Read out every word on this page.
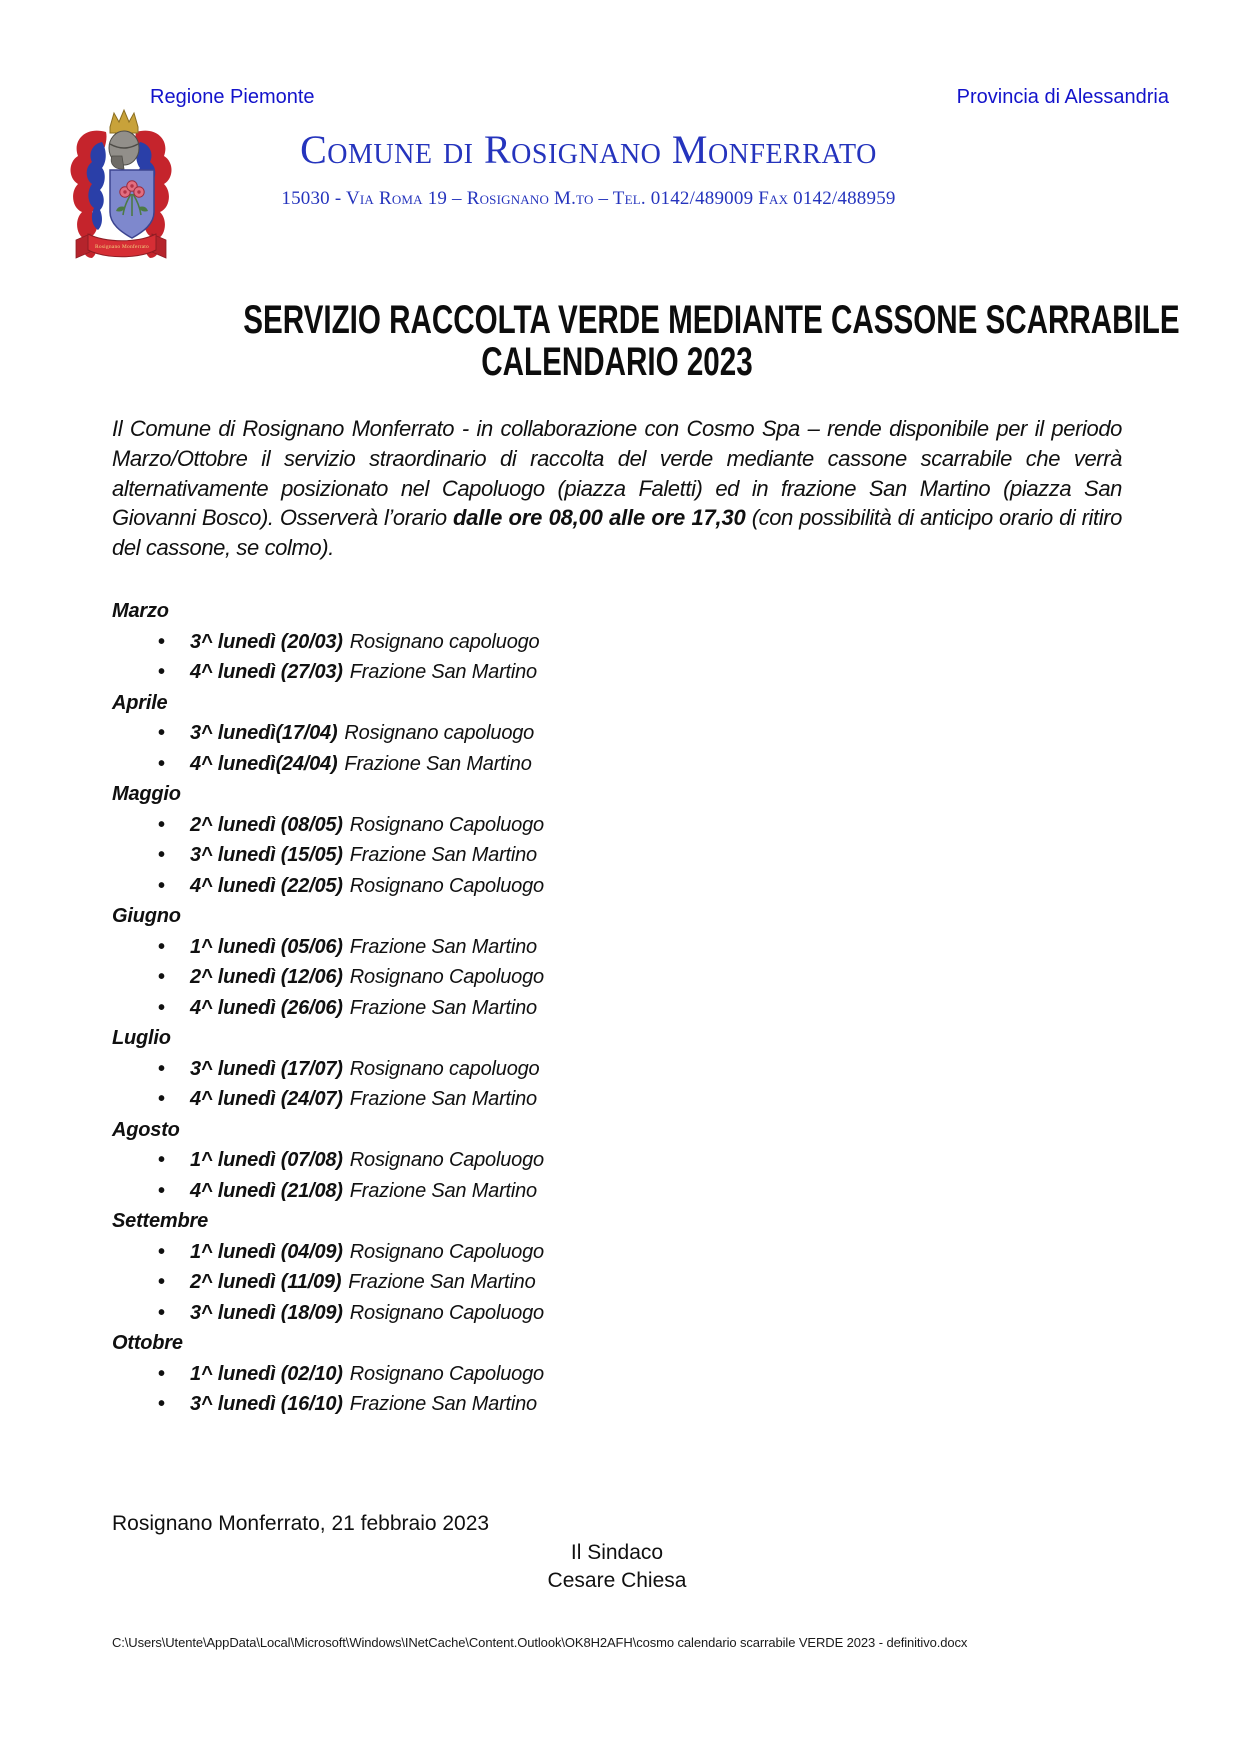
Regione Piemonte	Provincia di Alessandria
Rosignano Monferrato
Comune di Rosignano Monferrato
15030 - Via Roma 19 – Rosignano M.to – Tel. 0142/489009 Fax 0142/488959
SERVIZIO RACCOLTA VERDE MEDIANTE CASSONE SCARRABILE
CALENDARIO 2023

Il Comune di Rosignano Monferrato - in collaborazione con Cosmo Spa – rende disponibile per il periodo Marzo/Ottobre il servizio straordinario di raccolta del verde mediante cassone scarrabile che verrà alternativamente posizionato nel Capoluogo (piazza Faletti) ed in frazione San Martino (piazza San Giovanni Bosco). Osserverà l’orario dalle ore 08,00 alle ore 17,30 (con possibilità di anticipo orario di ritiro del cassone, se colmo).

Marzo
• 3^ lunedì (20/03) Rosignano capoluogo
• 4^ lunedì (27/03) Frazione San Martino
Aprile
• 3^ lunedì(17/04) Rosignano capoluogo
• 4^ lunedì(24/04) Frazione San Martino
Maggio
• 2^ lunedì (08/05) Rosignano Capoluogo
• 3^ lunedì (15/05) Frazione San Martino
• 4^ lunedì (22/05) Rosignano Capoluogo
Giugno
• 1^ lunedì (05/06) Frazione San Martino
• 2^ lunedì (12/06) Rosignano Capoluogo
• 4^ lunedì (26/06) Frazione San Martino
Luglio
• 3^ lunedì (17/07) Rosignano capoluogo
• 4^ lunedì (24/07) Frazione San Martino
Agosto
• 1^ lunedì (07/08) Rosignano Capoluogo
• 4^ lunedì (21/08) Frazione San Martino
Settembre
• 1^ lunedì (04/09) Rosignano Capoluogo
• 2^ lunedì (11/09) Frazione San Martino
• 3^ lunedì (18/09) Rosignano Capoluogo
Ottobre
• 1^ lunedì (02/10) Rosignano Capoluogo
• 3^ lunedì (16/10) Frazione San Martino
Rosignano Monferrato, 21 febbraio 2023
Il Sindaco
Cesare Chiesa
C:\Users\Utente\AppData\Local\Microsoft\Windows\INetCache\Content.Outlook\OK8H2AFH\cosmo calendario scarrabile VERDE 2023 - definitivo.docx
